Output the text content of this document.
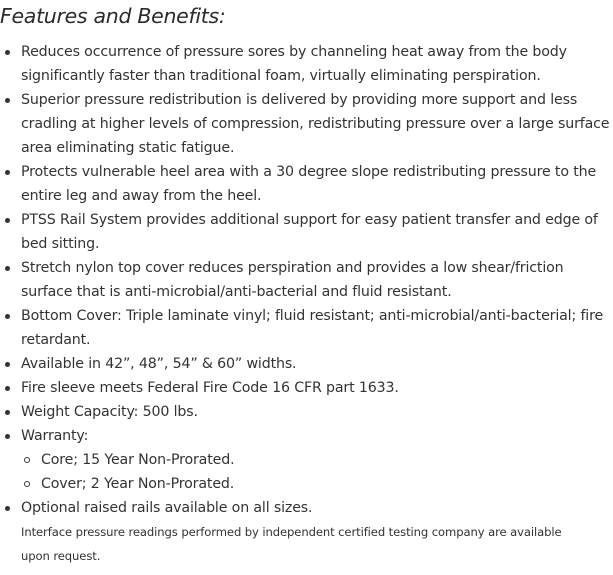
Features and Benefits:
Reduces occurrence of pressure sores by channeling heat away from the body significantly faster than traditional foam, virtually eliminating perspiration.
Superior pressure redistribution is delivered by providing more support and less cradling at higher levels of compression, redistributing pressure over a large surface area eliminating static fatigue.
Protects vulnerable heel area with a 30 degree slope redistributing pressure to the entire leg and away from the heel.
PTSS Rail System provides additional support for easy patient transfer and edge of bed sitting.
Stretch nylon top cover reduces perspiration and provides a low shear/friction surface that is anti-microbial/anti-bacterial and fluid resistant.
Bottom Cover: Triple laminate vinyl; fluid resistant; anti-microbial/anti-bacterial; fire retardant.
Available in 42”, 48”, 54” & 60” widths.
Fire sleeve meets Federal Fire Code 16 CFR part 1633.
Weight Capacity: 500 lbs.
Warranty:
Core; 15 Year Non-Prorated.
Cover; 2 Year Non-Prorated.
Optional raised rails available on all sizes.
Interface pressure readings performed by independent certified testing company are available upon request.
